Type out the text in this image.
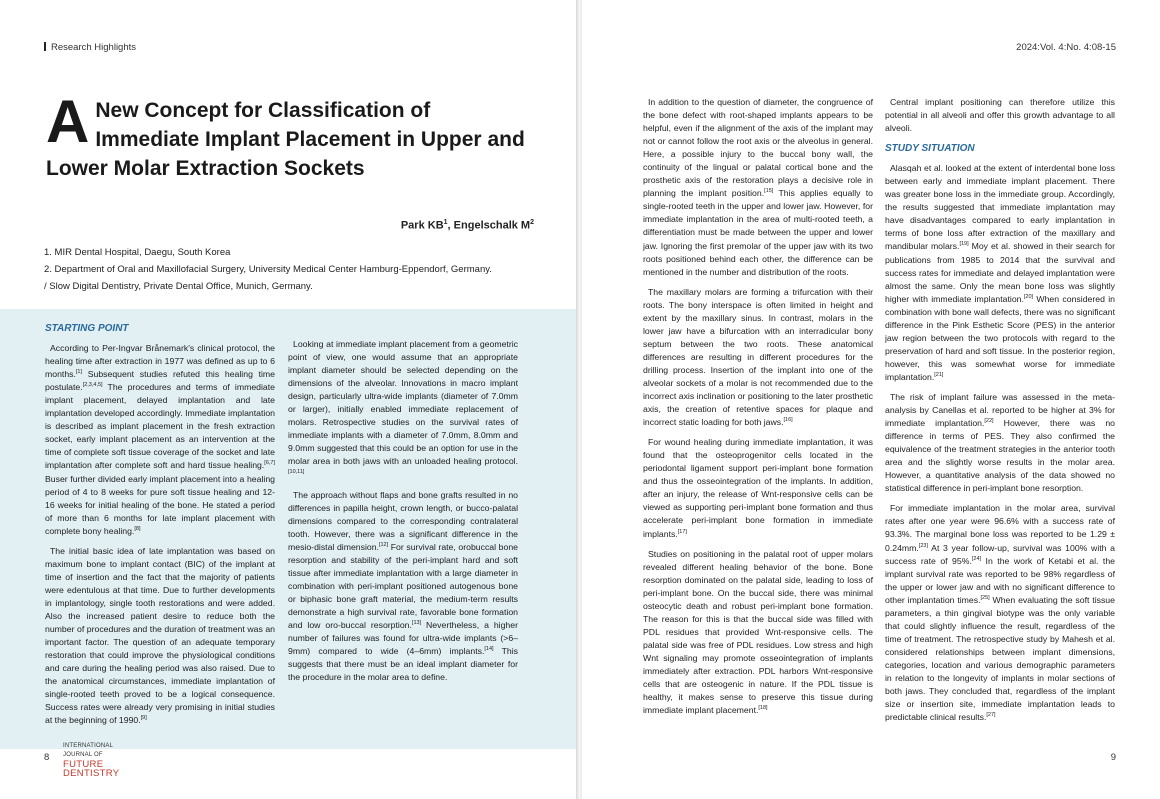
Research Highlights
A New Concept for Classification of Immediate Implant Placement in Upper and Lower Molar Extraction Sockets
Park $KB^1$, Engelschalk $M^2$

1. MIR Dental Hospital, Daegu, South Korea

2. Department of Oral and Maxillofacial Surgery, University Medical Center Hamburg-Eppendorf, Germany.

/ Slow Digital Dentistry, Private Dental Office, Munich, Germany.

STARTING POINT

According to Per-Ingvar Brånemark's clinical protocol, the healing time after extraction in 1977 was defined as up to 6 months.[1] Subsequent studies refuted this healing time postulate.[2,3,4,5] The procedures and terms of immediate implant placement, delayed implantation and late implantation developed accordingly. Immediate implantation is described as implant placement in the fresh extraction socket, early implant placement as an intervention at the time of complete soft tissue coverage of the socket and late implantation after complete soft and hard tissue healing.[6,7] Buser further divided early implant placement into a healing period of 4 to 8 weeks for pure soft tissue healing and 12-16 weeks for initial healing of the bone. He stated a period of more than 6 months for late implant placement with complete bony healing.[8]

The initial basic idea of late implantation was based on maximum bone to implant contact (BIC) of the implant at time of insertion and the fact that the majority of patients were edentulous at that time. Due to further developments in implantology, single tooth restorations and were added. Also the increased patient desire to reduce both the number of procedures and the duration of treatment was an important factor. The question of an adequate temporary restoration that could improve the physiological conditions and care during the healing period was also raised. Due to the anatomical circumstances, immediate implantation of single-rooted teeth proved to be a logical consequence. Success rates were already very promising in initial studies at the beginning of 1990.[9]

Looking at immediate implant placement from a geometric point of view, one would assume that an appropriate implant diameter should be selected depending on the dimensions of the alveolar. Innovations in macro implant design, particularly ultra-wide implants (diameter of 7.0mm or larger), initially enabled immediate replacement of molars. Retrospective studies on the survival rates of immediate implants with a diameter of 7.0mm, 8.0mm and 9.0mm suggested that this could be an option for use in the molar area in both jaws with an unloaded healing protocol.[10,11]

The approach without flaps and bone grafts resulted in no differences in papilla height, crown length, or bucco-palatal dimensions compared to the corresponding contralateral tooth. However, there was a significant difference in the mesio-distal dimension.[12] For survival rate, orobuccal bone resorption and stability of the peri-implant hard and soft tissue after immediate implantation with a large diameter in combination with peri-implant positioned autogenous bone or biphasic bone graft material, the medium-term results demonstrate a high survival rate, favorable bone formation and low oro-buccal resorption.[13] Nevertheless, a higher number of failures was found for ultra-wide implants (>6–9mm) compared to wide (4–6mm) implants.[14] This suggests that there must be an ideal implant diameter for the procedure in the molar area to define.

8
INTERNATIONAL JOURNAL OF
FUTURE DENTISTRY
2024:Vol. 4:No. 4:08-15
9

In addition to the question of diameter, the congruence of the bone defect with root-shaped implants appears to be helpful, even if the alignment of the axis of the implant may not or cannot follow the root axis or the alveolus in general. Here, a possible injury to the buccal bony wall, the continuity of the lingual or palatal cortical bone and the prosthetic axis of the restoration plays a decisive role in planning the implant position.[15] This applies equally to single-rooted teeth in the upper and lower jaw. However, for immediate implantation in the area of multi-rooted teeth, a differentiation must be made between the upper and lower jaw. Ignoring the first premolar of the upper jaw with its two roots positioned behind each other, the difference can be mentioned in the number and distribution of the roots.

The maxillary molars are forming a trifurcation with their roots. The bony interspace is often limited in height and extent by the maxillary sinus. In contrast, molars in the lower jaw have a bifurcation with an interradicular bony septum between the two roots. These anatomical differences are resulting in different procedures for the drilling process. Insertion of the implant into one of the alveolar sockets of a molar is not recommended due to the incorrect axis inclination or positioning to the later prosthetic axis, the creation of retentive spaces for plaque and incorrect static loading for both jaws.[16]

For wound healing during immediate implantation, it was found that the osteoprogenitor cells located in the periodontal ligament support peri-implant bone formation and thus the osseointegration of the implants. In addition, after an injury, the release of Wnt-responsive cells can be viewed as supporting peri-implant bone formation and thus accelerate peri-implant bone formation in immediate implants.[17]

Studies on positioning in the palatal root of upper molars revealed different healing behavior of the bone. Bone resorption dominated on the palatal side, leading to loss of peri-implant bone. On the buccal side, there was minimal osteocytic death and robust peri-implant bone formation. The reason for this is that the buccal side was filled with PDL residues that provided Wnt-responsive cells. The palatal side was free of PDL residues. Low stress and high Wnt signaling may promote osseointegration of implants immediately after extraction. PDL harbors Wnt-responsive cells that are osteogenic in nature. If the PDL tissue is healthy, it makes sense to preserve this tissue during immediate implant placement.[18]

Central implant positioning can therefore utilize this potential in all alveoli and offer this growth advantage to all alveoli.

STUDY SITUATION

Alasqah et al. looked at the extent of interdental bone loss between early and immediate implant placement. There was greater bone loss in the immediate group. Accordingly, the results suggested that immediate implantation may have disadvantages compared to early implantation in terms of bone loss after extraction of the maxillary and mandibular molars.[19] Moy et al. showed in their search for publications from 1985 to 2014 that the survival and success rates for immediate and delayed implantation were almost the same. Only the mean bone loss was slightly higher with immediate implantation.[20] When considered in combination with bone wall defects, there was no significant difference in the Pink Esthetic Score (PES) in the anterior jaw region between the two protocols with regard to the preservation of hard and soft tissue. In the posterior region, however, this was somewhat worse for immediate implantation.[21]

The risk of implant failure was assessed in the meta-analysis by Canellas et al. reported to be higher at 3% for immediate implantation.[22] However, there was no difference in terms of PES. They also confirmed the equivalence of the treatment strategies in the anterior tooth area and the slightly worse results in the molar area. However, a quantitative analysis of the data showed no statistical difference in peri-implant bone resorption.

For immediate implantation in the molar area, survival rates after one year were 96.6% with a success rate of 93.3%. The marginal bone loss was reported to be 1.29 ± 0.24mm.[23] At 3 year follow-up, survival was 100% with a success rate of 95%.[24] In the work of Ketabi et al. the implant survival rate was reported to be 98% regardless of the upper or lower jaw and with no significant difference to other implantation times.[25] When evaluating the soft tissue parameters, a thin gingival biotype was the only variable that could slightly influence the result, regardless of the time of treatment. The retrospective study by Mahesh et al. considered relationships between implant dimensions, categories, location and various demographic parameters in relation to the longevity of implants in molar sections of both jaws. They concluded that, regardless of the implant size or insertion site, immediate implantation leads to predictable clinical results.[27]
